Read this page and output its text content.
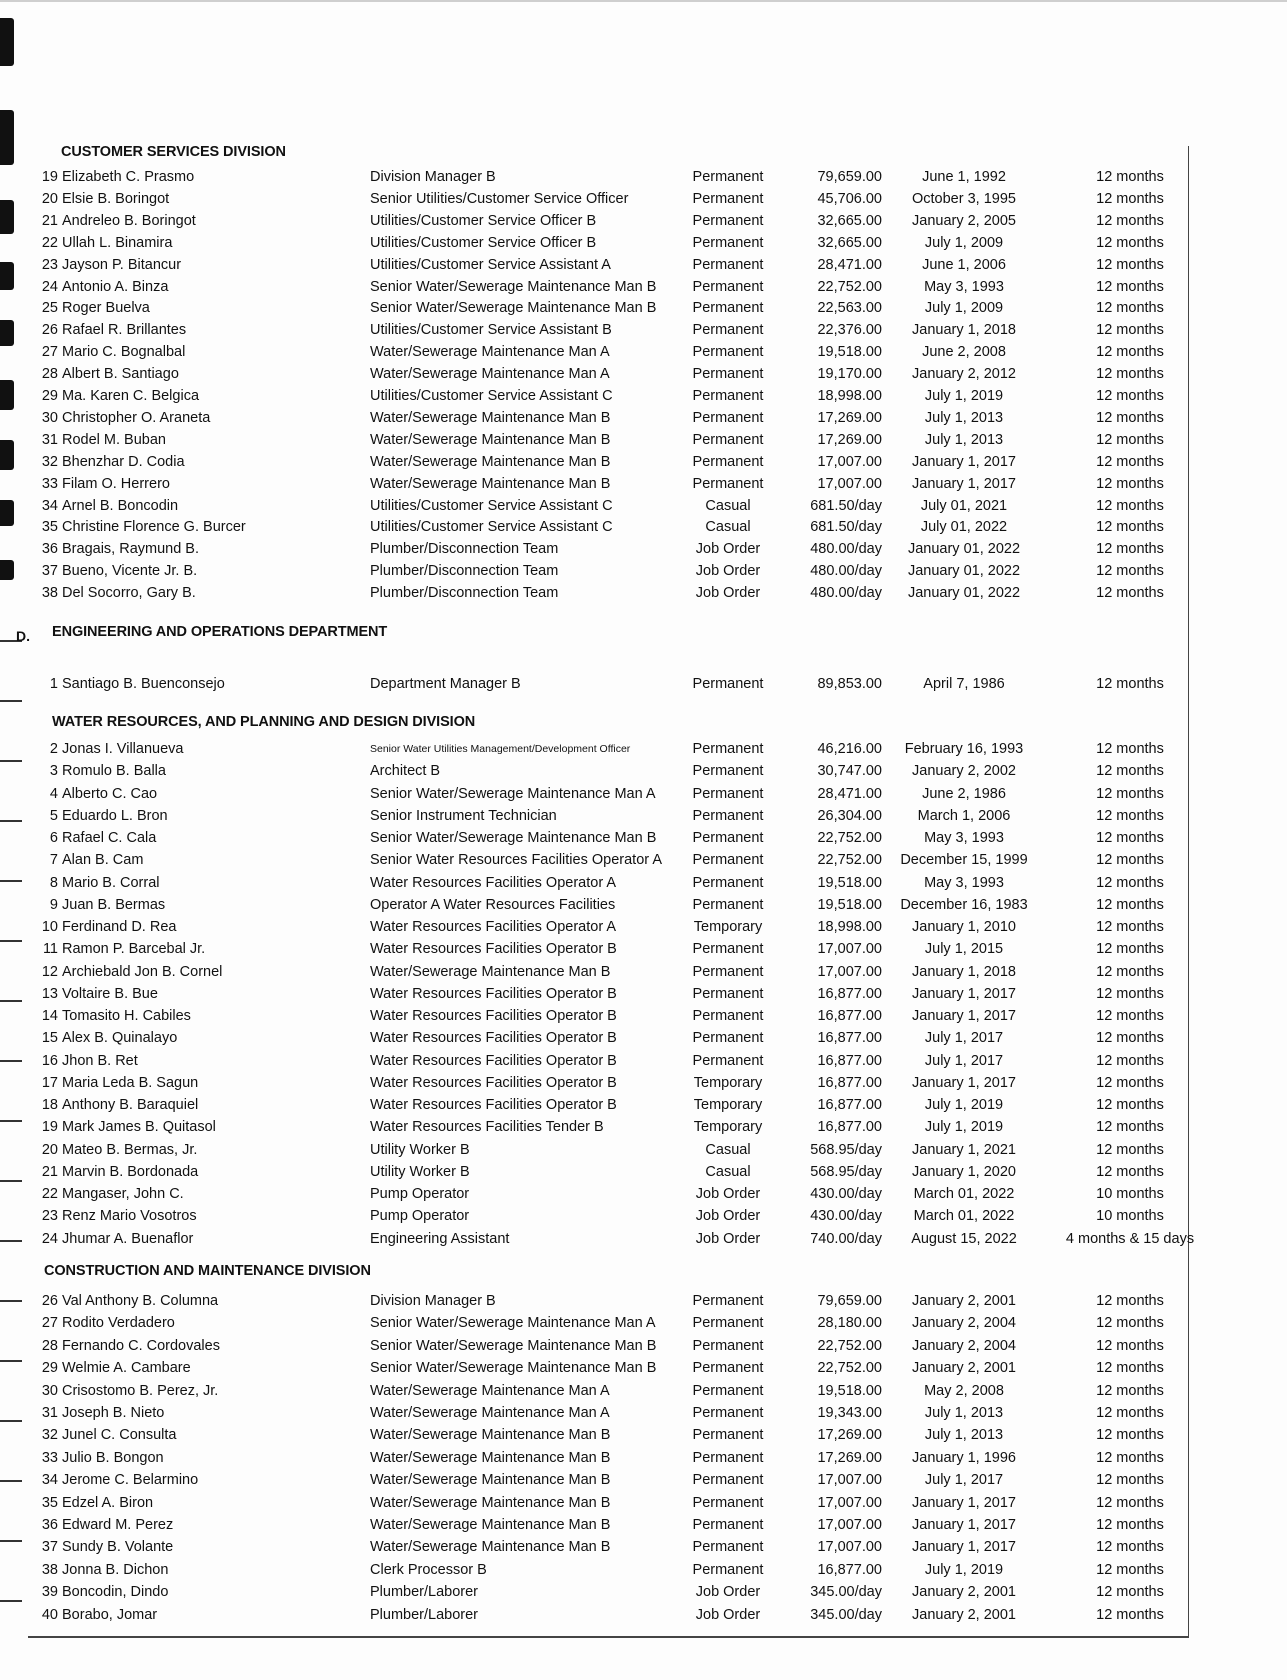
D.
CUSTOMER SERVICES DIVISION
19 Elizabeth C. Prasmo	Division Manager B	Permanent	79,659.00	June 1, 1992	12 months
20 Elsie B. Boringot	Senior Utilities/Customer Service Officer	Permanent	45,706.00	October 3, 1995	12 months
21 Andreleo B. Boringot	Utilities/Customer Service Officer B	Permanent	32,665.00	January 2, 2005	12 months
22 Ullah L. Binamira	Utilities/Customer Service Officer B	Permanent	32,665.00	July 1, 2009	12 months
23 Jayson P. Bitancur	Utilities/Customer Service Assistant A	Permanent	28,471.00	June 1, 2006	12 months
24 Antonio A. Binza	Senior Water/Sewerage Maintenance Man B	Permanent	22,752.00	May 3, 1993	12 months
25 Roger Buelva	Senior Water/Sewerage Maintenance Man B	Permanent	22,563.00	July 1, 2009	12 months
26 Rafael R. Brillantes	Utilities/Customer Service Assistant B	Permanent	22,376.00	January 1, 2018	12 months
27 Mario C. Bognalbal	Water/Sewerage Maintenance Man A	Permanent	19,518.00	June 2, 2008	12 months
28 Albert B. Santiago	Water/Sewerage Maintenance Man A	Permanent	19,170.00	January 2, 2012	12 months
29 Ma. Karen C. Belgica	Utilities/Customer Service Assistant C	Permanent	18,998.00	July 1, 2019	12 months
30 Christopher O. Araneta	Water/Sewerage Maintenance Man B	Permanent	17,269.00	July 1, 2013	12 months
31 Rodel M. Buban	Water/Sewerage Maintenance Man B	Permanent	17,269.00	July 1, 2013	12 months
32 Bhenzhar D. Codia	Water/Sewerage Maintenance Man B	Permanent	17,007.00	January 1, 2017	12 months
33 Filam O. Herrero	Water/Sewerage Maintenance Man B	Permanent	17,007.00	January 1, 2017	12 months
34 Arnel B. Boncodin	Utilities/Customer Service Assistant C	Casual	681.50/day	July 01, 2021	12 months
35 Christine Florence G. Burcer	Utilities/Customer Service Assistant C	Casual	681.50/day	July 01, 2022	12 months
36 Bragais, Raymund B.	Plumber/Disconnection Team	Job Order	480.00/day	January 01, 2022	12 months
37 Bueno, Vicente Jr. B.	Plumber/Disconnection Team	Job Order	480.00/day	January 01, 2022	12 months
38 Del Socorro, Gary B.	Plumber/Disconnection Team	Job Order	480.00/day	January 01, 2022	12 months
ENGINEERING AND OPERATIONS DEPARTMENT
1 Santiago B. Buenconsejo	Department Manager B	Permanent	89,853.00	April 7, 1986	12 months
WATER RESOURCES, AND PLANNING AND DESIGN DIVISION
2 Jonas I. Villanueva	Senior Water Utilities Management/Development Officer	Permanent	46,216.00	February 16, 1993	12 months
3 Romulo B. Balla	Architect B	Permanent	30,747.00	January 2, 2002	12 months
4 Alberto C. Cao	Senior Water/Sewerage Maintenance Man A	Permanent	28,471.00	June 2, 1986	12 months
5 Eduardo L. Bron	Senior Instrument Technician	Permanent	26,304.00	March 1, 2006	12 months
6 Rafael C. Cala	Senior Water/Sewerage Maintenance Man B	Permanent	22,752.00	May 3, 1993	12 months
7 Alan B. Cam	Senior Water Resources Facilities Operator A	Permanent	22,752.00	December 15, 1999	12 months
8 Mario B. Corral	Water Resources Facilities Operator A	Permanent	19,518.00	May 3, 1993	12 months
9 Juan B. Bermas	Operator A Water Resources Facilities	Permanent	19,518.00	December 16, 1983	12 months
10 Ferdinand D. Rea	Water Resources Facilities Operator A	Temporary	18,998.00	January 1, 2010	12 months
11 Ramon P. Barcebal Jr.	Water Resources Facilities Operator B	Permanent	17,007.00	July 1, 2015	12 months
12 Archiebald Jon B. Cornel	Water/Sewerage Maintenance Man B	Permanent	17,007.00	January 1, 2018	12 months
13 Voltaire B. Bue	Water Resources Facilities Operator B	Permanent	16,877.00	January 1, 2017	12 months
14 Tomasito H. Cabiles	Water Resources Facilities Operator B	Permanent	16,877.00	January 1, 2017	12 months
15 Alex B. Quinalayo	Water Resources Facilities Operator B	Permanent	16,877.00	July 1, 2017	12 months
16 Jhon B. Ret	Water Resources Facilities Operator B	Permanent	16,877.00	July 1, 2017	12 months
17 Maria Leda B. Sagun	Water Resources Facilities Operator B	Temporary	16,877.00	January 1, 2017	12 months
18 Anthony B. Baraquiel	Water Resources Facilities Operator B	Temporary	16,877.00	July 1, 2019	12 months
19 Mark James B. Quitasol	Water Resources Facilities Tender B	Temporary	16,877.00	July 1, 2019	12 months
20 Mateo B. Bermas, Jr.	Utility Worker B	Casual	568.95/day	January 1, 2021	12 months
21 Marvin B. Bordonada	Utility Worker B	Casual	568.95/day	January 1, 2020	12 months
22 Mangaser, John C.	Pump Operator	Job Order	430.00/day	March 01, 2022	10 months
23 Renz Mario Vosotros	Pump Operator	Job Order	430.00/day	March 01, 2022	10 months
24 Jhumar A. Buenaflor	Engineering Assistant	Job Order	740.00/day	August 15, 2022	4 months & 15 days
CONSTRUCTION AND MAINTENANCE DIVISION
26 Val Anthony B. Columna	Division Manager B	Permanent	79,659.00	January 2, 2001	12 months
27 Rodito Verdadero	Senior Water/Sewerage Maintenance Man A	Permanent	28,180.00	January 2, 2004	12 months
28 Fernando C. Cordovales	Senior Water/Sewerage Maintenance Man B	Permanent	22,752.00	January 2, 2004	12 months
29 Welmie A. Cambare	Senior Water/Sewerage Maintenance Man B	Permanent	22,752.00	January 2, 2001	12 months
30 Crisostomo B. Perez, Jr.	Water/Sewerage Maintenance Man A	Permanent	19,518.00	May 2, 2008	12 months
31 Joseph B. Nieto	Water/Sewerage Maintenance Man A	Permanent	19,343.00	July 1, 2013	12 months
32 Junel C. Consulta	Water/Sewerage Maintenance Man B	Permanent	17,269.00	July 1, 2013	12 months
33 Julio B. Bongon	Water/Sewerage Maintenance Man B	Permanent	17,269.00	January 1, 1996	12 months
34 Jerome C. Belarmino	Water/Sewerage Maintenance Man B	Permanent	17,007.00	July 1, 2017	12 months
35 Edzel A. Biron	Water/Sewerage Maintenance Man B	Permanent	17,007.00	January 1, 2017	12 months
36 Edward M. Perez	Water/Sewerage Maintenance Man B	Permanent	17,007.00	January 1, 2017	12 months
37 Sundy B. Volante	Water/Sewerage Maintenance Man B	Permanent	17,007.00	January 1, 2017	12 months
38 Jonna B. Dichon	Clerk Processor B	Permanent	16,877.00	July 1, 2019	12 months
39 Boncodin, Dindo	Plumber/Laborer	Job Order	345.00/day	January 2, 2001	12 months
40 Borabo, Jomar	Plumber/Laborer	Job Order	345.00/day	January 2, 2001	12 months
